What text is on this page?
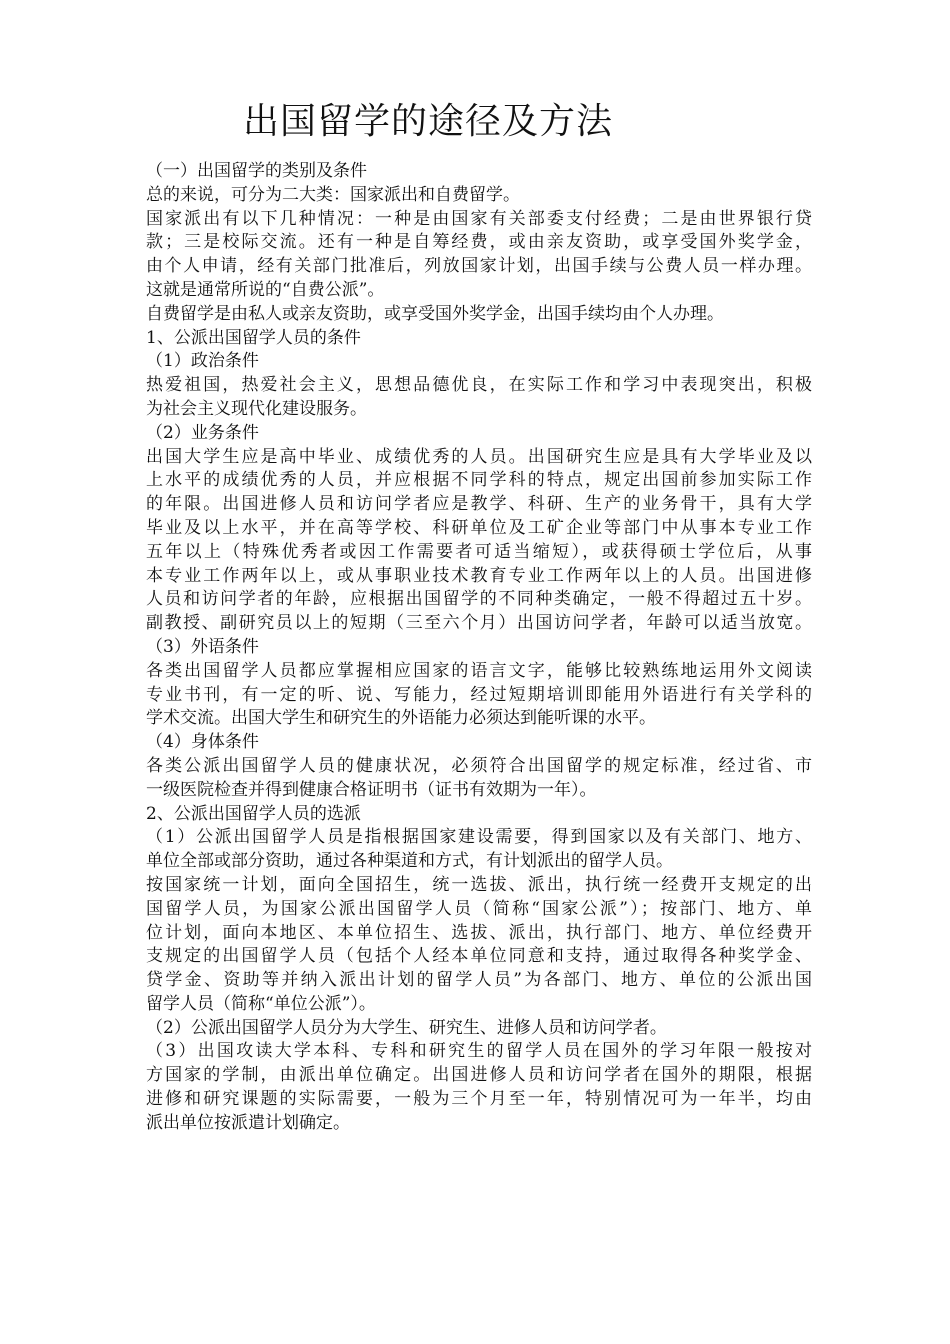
出国留学的途径及方法
（一）出国留学的类别及条件
总的来说，可分为二大类：国家派出和自费留学。
国家派出有以下几种情况：一种是由国家有关部委支付经费；二是由世界银行贷
款；三是校际交流。还有一种是自筹经费，或由亲友资助，或享受国外奖学金，
由个人申请，经有关部门批准后，列放国家计划，出国手续与公费人员一样办理。
这就是通常所说的“自费公派”。
自费留学是由私人或亲友资助，或享受国外奖学金，出国手续均由个人办理。
1、公派出国留学人员的条件
（1）政治条件
热爱祖国，热爱社会主义，思想品德优良，在实际工作和学习中表现突出，积极
为社会主义现代化建设服务。
（2）业务条件
出国大学生应是高中毕业、成绩优秀的人员。出国研究生应是具有大学毕业及以
上水平的成绩优秀的人员，并应根据不同学科的特点，规定出国前参加实际工作
的年限。出国进修人员和访问学者应是教学、科研、生产的业务骨干，具有大学
毕业及以上水平，并在高等学校、科研单位及工矿企业等部门中从事本专业工作
五年以上（特殊优秀者或因工作需要者可适当缩短），或获得硕士学位后，从事
本专业工作两年以上，或从事职业技术教育专业工作两年以上的人员。出国进修
人员和访问学者的年龄，应根据出国留学的不同种类确定，一般不得超过五十岁。
副教授、副研究员以上的短期（三至六个月）出国访问学者，年龄可以适当放宽。
（3）外语条件
各类出国留学人员都应掌握相应国家的语言文字，能够比较熟练地运用外文阅读
专业书刊，有一定的听、说、写能力，经过短期培训即能用外语进行有关学科的
学术交流。出国大学生和研究生的外语能力必须达到能听课的水平。
（4）身体条件
各类公派出国留学人员的健康状况，必须符合出国留学的规定标准，经过省、市
一级医院检查并得到健康合格证明书（证书有效期为一年）。
2、公派出国留学人员的选派
（1）公派出国留学人员是指根据国家建设需要，得到国家以及有关部门、地方、
单位全部或部分资助，通过各种渠道和方式，有计划派出的留学人员。
按国家统一计划，面向全国招生，统一选拔、派出，执行统一经费开支规定的出
国留学人员，为国家公派出国留学人员（简称“国家公派”）；按部门、地方、单
位计划，面向本地区、本单位招生、选拔、派出，执行部门、地方、单位经费开
支规定的出国留学人员（包括个人经本单位同意和支持，通过取得各种奖学金、
贷学金、资助等并纳入派出计划的留学人员”为各部门、地方、单位的公派出国
留学人员（简称“单位公派”）。
（2）公派出国留学人员分为大学生、研究生、进修人员和访问学者。
（3）出国攻读大学本科、专科和研究生的留学人员在国外的学习年限一般按对
方国家的学制，由派出单位确定。出国进修人员和访问学者在国外的期限，根据
进修和研究课题的实际需要，一般为三个月至一年，特别情况可为一年半，均由
派出单位按派遣计划确定。
